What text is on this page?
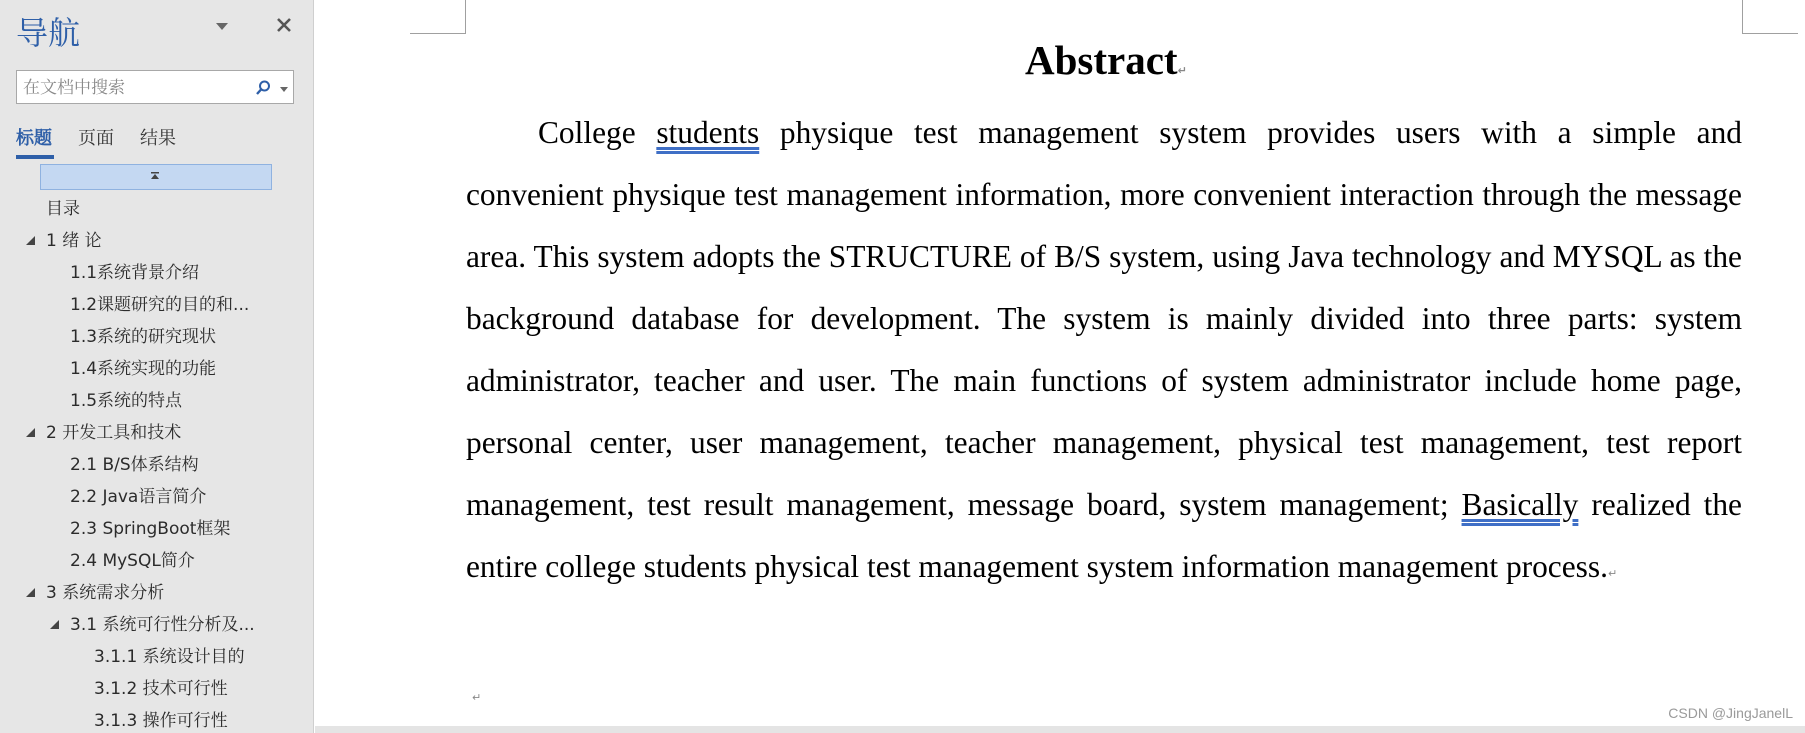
导航
在文档中搜索
标题 页面 结果
目录
1 绪 论
1.1系统背景介绍
1.2课题研究的目的和...
1.3系统的研究现状
1.4系统实现的功能
1.5系统的特点
2 开发工具和技术
2.1 B/S体系结构
2.2 Java语言简介
2.3 SpringBoot框架
2.4 MySQL简介
3 系统需求分析
3.1 系统可行性分析及...
3.1.1 系统设计目的
3.1.2 技术可行性
3.1.3 操作可行性
Abstract↵

College students physique test management system provides users with a simple and convenient physique test management information, more convenient interaction through the message area. This system adopts the STRUCTURE of B/S system, using Java technology and MYSQL as the background database for development. The system is mainly divided into three parts: system administrator, teacher and user. The main functions of system administrator include home page, personal center, user management, teacher management, physical test management, test report management, test result management, message board, system management; Basically realized the entire college students physical test management system information management process.↵

↵
CSDN @JingJanelL
